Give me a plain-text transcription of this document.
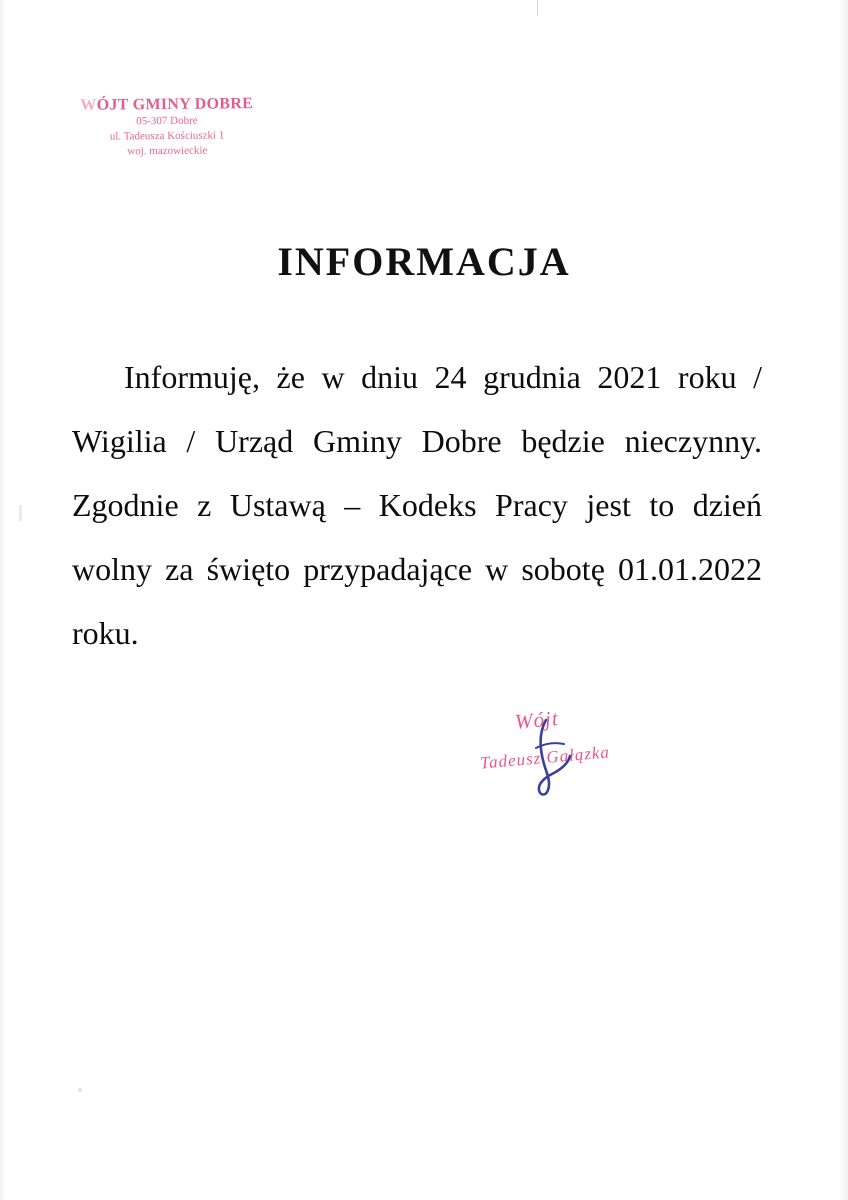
WÓJT GMINY DOBRE
05-307 Dobre
ul. Tadeusza Kościuszki 1
woj. mazowieckie
INFORMACJA
Informuję, że w dniu 24 grudnia 2021 roku / Wigilia / Urząd Gminy Dobre będzie nieczynny. Zgodnie z Ustawą – Kodeks Pracy jest to dzień wolny za święto przypadające w sobotę 01.01.2022 roku.
Wójt
Tadeusz Gałązka
